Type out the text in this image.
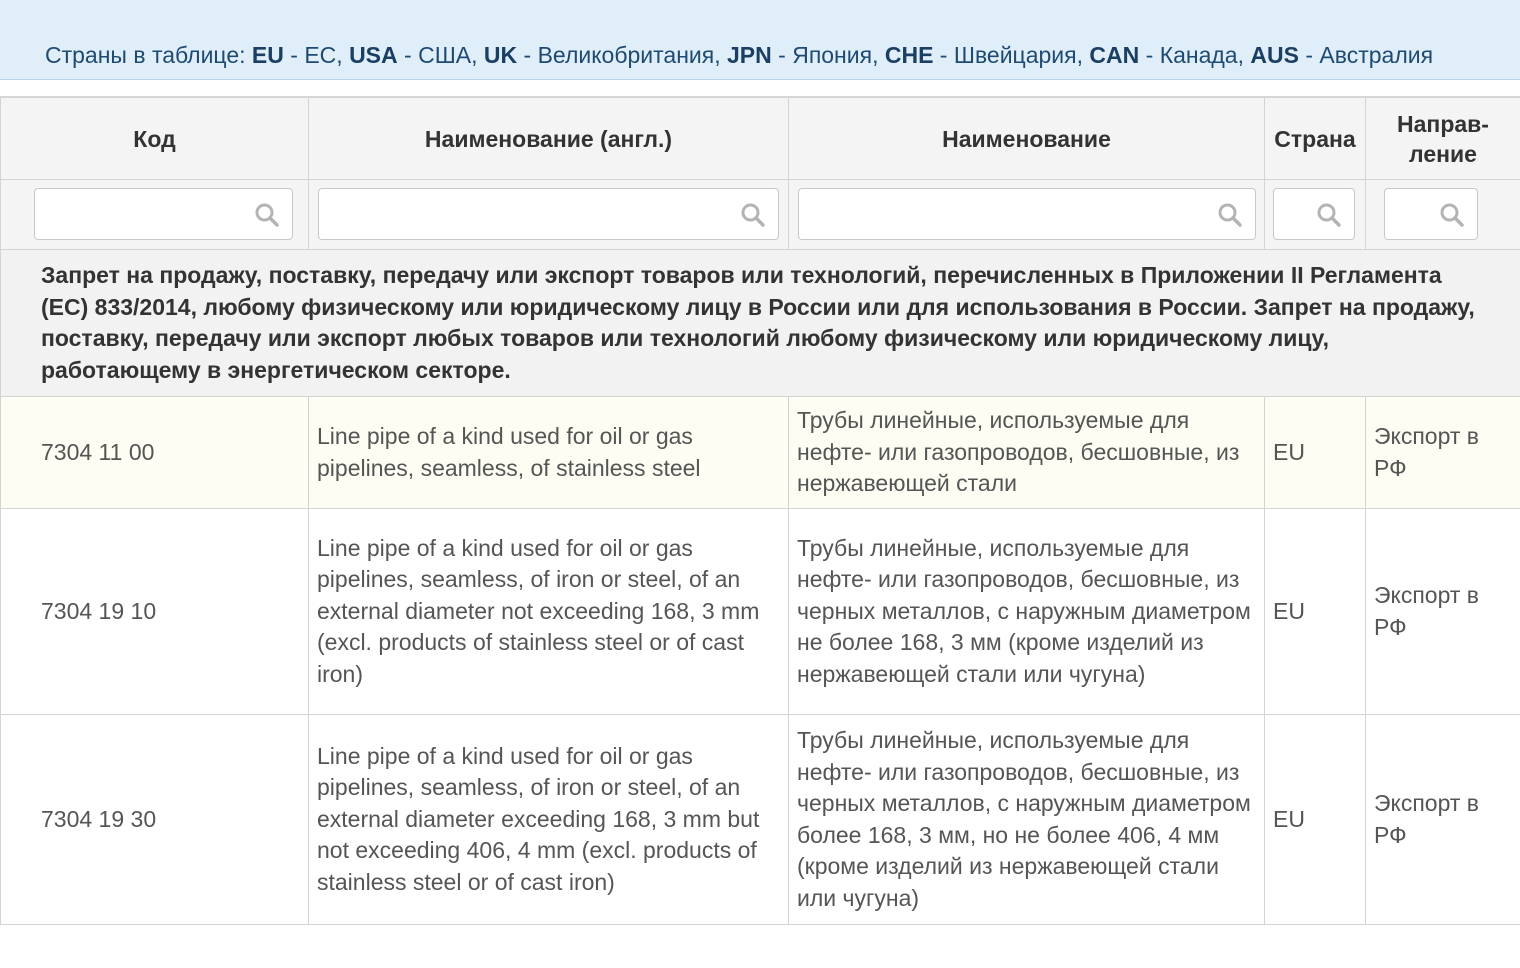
Страны в таблице: EU - ЕС, USA - США, UK - Великобритания, JPN - Япония, CHE - Швейцария, CAN - Канада, AUS - Австралия
Код	Наименование (англ.)	Наименование	Страна	Направ-
ление

Запрет на продажу, поставку, передачу или экспорт товаров или технологий, перечисленных в Приложении II Регламента (ЕС) 833/2014, любому физическому или юридическому лицу в России или для использования в России. Запрет на продажу, поставку, передачу или экспорт любых товаров или технологий любому физическому или юридическому лицу, работающему в энергетическом секторе.				
7304 11 00	Line pipe of a kind used for oil or gas pipelines, seamless, of stainless steel	Трубы линейные, используемые для нефте- или газопроводов, бесшовные, из нержавеющей стали	EU	Экспорт в РФ
7304 19 10	Line pipe of a kind used for oil or gas pipelines, seamless, of iron or steel, of an external diameter not exceeding 168, 3 mm (excl. products of stainless steel or of cast iron)	Трубы линейные, используемые для нефте- или газопроводов, бесшовные, из черных металлов, с наружным диаметром не более 168, 3 мм (кроме изделий из нержавеющей стали или чугуна)	EU	Экспорт в РФ
7304 19 30	Line pipe of a kind used for oil or gas pipelines, seamless, of iron or steel, of an external diameter exceeding 168, 3 mm but not exceeding 406, 4 mm (excl. products of stainless steel or of cast iron)	Трубы линейные, используемые для нефте- или газопроводов, бесшовные, из черных металлов, с наружным диаметром более 168, 3 мм, но не более 406, 4 мм (кроме изделий из нержавеющей стали или чугуна)	EU	Экспорт в РФ
